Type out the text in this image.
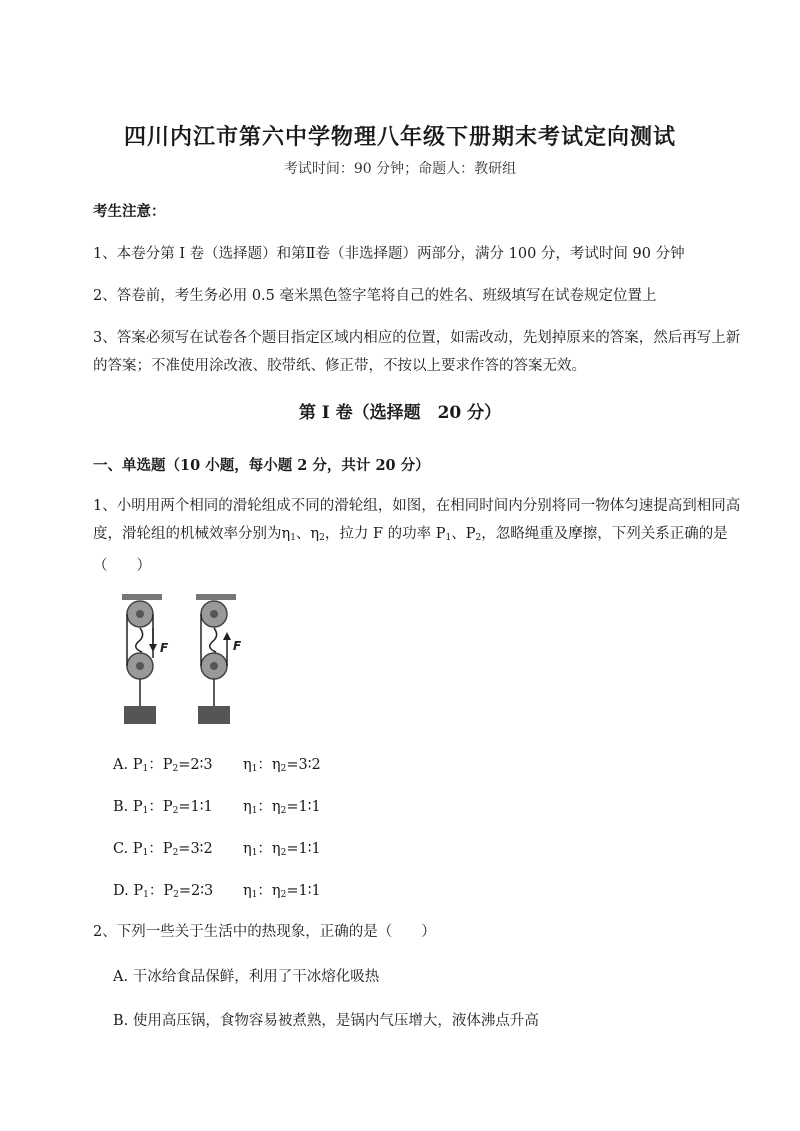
四川内江市第六中学物理八年级下册期末考试定向测试
考试时间：90 分钟；命题人：教研组
考生注意：
1、本卷分第 I 卷（选择题）和第Ⅱ卷（非选择题）两部分，满分 100 分，考试时间 90 分钟
2、答卷前，考生务必用 0.5 毫米黑色签字笔将自己的姓名、班级填写在试卷规定位置上
3、答案必须写在试卷各个题目指定区域内相应的位置，如需改动，先划掉原来的答案，然后再写上新的答案；不准使用涂改液、胶带纸、修正带，不按以上要求作答的答案无效。
第 I 卷（选择题　20 分）
一、单选题（10 小题，每小题 2 分，共计 20 分）
1、小明用两个相同的滑轮组成不同的滑轮组，如图，在相同时间内分别将同一物体匀速提高到相同高
度，滑轮组的机械效率分别为$\eta_1$、$\eta_2$，拉力 F 的功率 $P_1$、$P_2$，忽略绳重及摩擦，下列关系正确的是
（　　）
F	F
A. $P_1$：$P_2=2∶3$ $\eta_1$：$\eta_2=3∶2$
B. $P_1$：$P_2=1∶1$ $\eta_1$：$\eta_2=1∶1$
C. $P_1$：$P_2=3∶2$ $\eta_1$：$\eta_2=1∶1$
D. $P_1$：$P_2=2∶3$ $\eta_1$：$\eta_2=1∶1$
2、下列一些关于生活中的热现象，正确的是（　　）
A. 干冰给食品保鲜，利用了干冰熔化吸热
B. 使用高压锅，食物容易被煮熟，是锅内气压增大，液体沸点升高
